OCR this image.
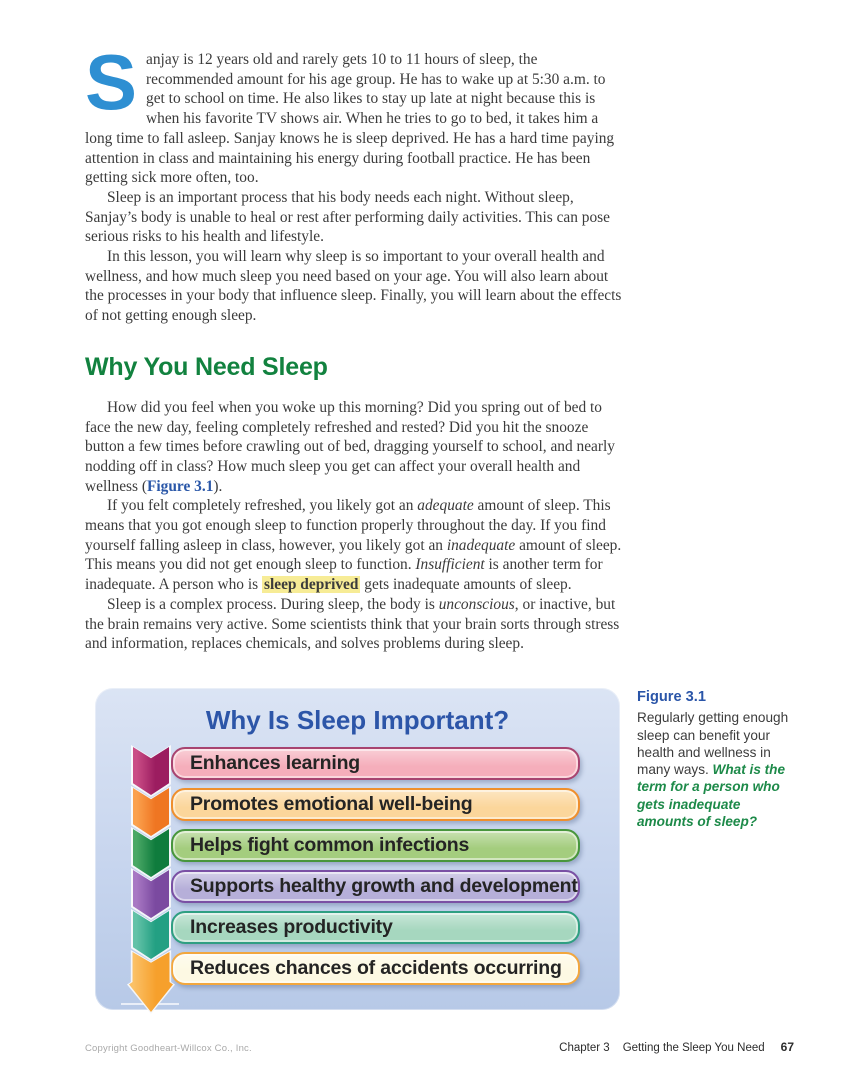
Sanjay is 12 years old and rarely gets 10 to 11 hours of sleep, the recommended amount for his age group. He has to wake up at 5:30 a.m. to get to school on time. He also likes to stay up late at night because this is when his favorite TV shows air. When he tries to go to bed, it takes him a long time to fall asleep. Sanjay knows he is sleep deprived. He has a hard time paying attention in class and maintaining his energy during football practice. He has been getting sick more often, too.

Sleep is an important process that his body needs each night. Without sleep, Sanjay’s body is unable to heal or rest after performing daily activities. This can pose serious risks to his health and lifestyle.

In this lesson, you will learn why sleep is so important to your overall health and wellness, and how much sleep you need based on your age. You will also learn about the processes in your body that influence sleep. Finally, you will learn about the effects of not getting enough sleep.

Why You Need Sleep

How did you feel when you woke up this morning? Did you spring out of bed to face the new day, feeling completely refreshed and rested? Did you hit the snooze button a few times before crawling out of bed, dragging yourself to school, and nearly nodding off in class? How much sleep you get can affect your overall health and wellness (Figure 3.1).

If you felt completely refreshed, you likely got an adequate amount of sleep. This means that you got enough sleep to function properly throughout the day. If you find yourself falling asleep in class, however, you likely got an inadequate amount of sleep. This means you did not get enough sleep to function. Insufficient is another term for inadequate. A person who is sleep deprived gets inadequate amounts of sleep.

Sleep is a complex process. During sleep, the body is unconscious, or inactive, but the brain remains very active. Some scientists think that your brain sorts through stress and information, replaces chemicals, and solves problems during sleep.

Why Is Sleep Important?
Enhances learning
Promotes emotional well-being
Helps fight common infections
Supports healthy growth and development
Increases productivity
Reduces chances of accidents occurring
Figure 3.1
Regularly getting enough sleep can benefit your health and wellness in many ways. What is the term for a person who gets inadequate amounts of sleep?
Copyright Goodheart-Willcox Co., Inc.	Chapter 3 Getting the Sleep You Need 67
